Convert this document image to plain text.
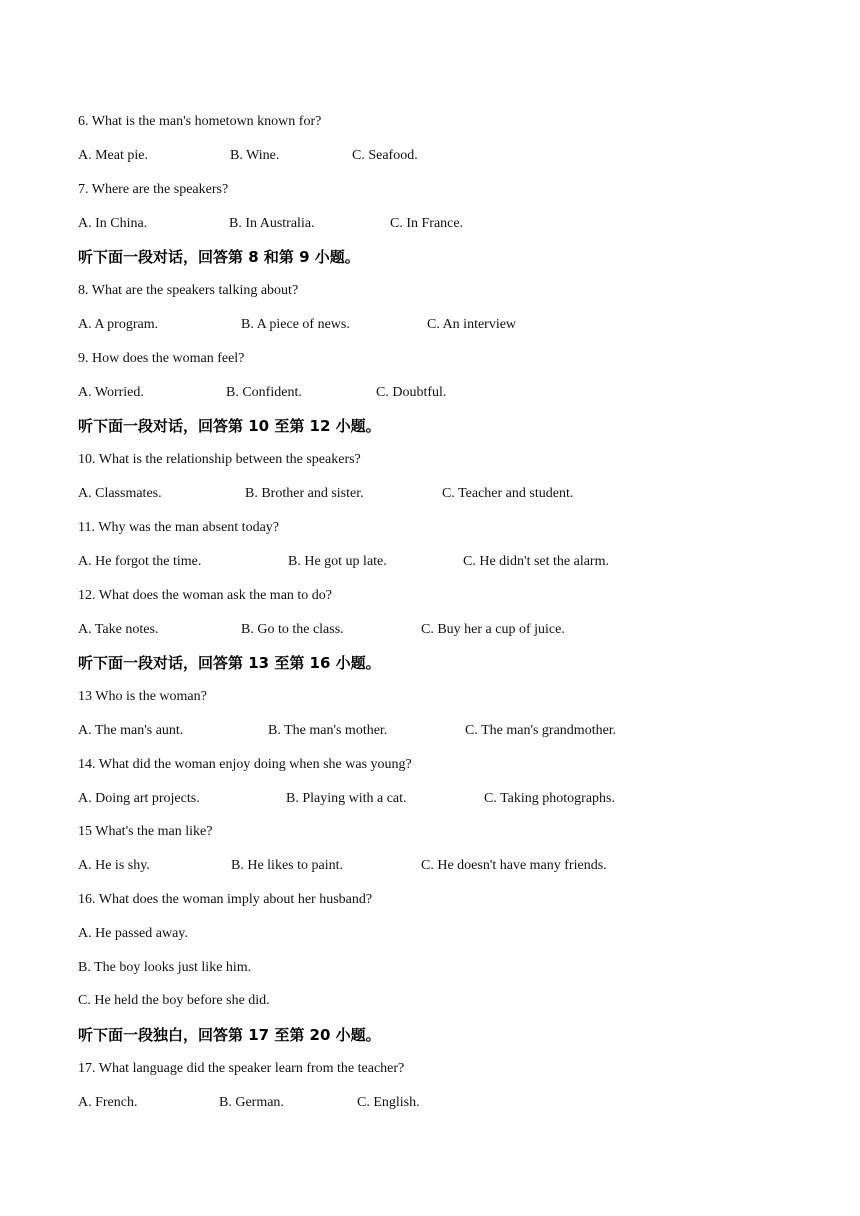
6. What is the man's hometown known for?
A. Meat pie.	B. Wine.	C. Seafood.
7. Where are the speakers?
A. In China.	B. In Australia.	C. In France.
听下面一段对话，回答第 8 和第 9 小题。
8. What are the speakers talking about?
A. A program.	B. A piece of news.	C. An interview
9. How does the woman feel?
A. Worried.	B. Confident.	C. Doubtful.
听下面一段对话，回答第 10 至第 12 小题。
10. What is the relationship between the speakers?
A. Classmates.	B. Brother and sister.	C. Teacher and student.
11. Why was the man absent today?
A. He forgot the time.	B. He got up late.	C. He didn't set the alarm.
12. What does the woman ask the man to do?
A. Take notes.	B. Go to the class.	C. Buy her a cup of juice.
听下面一段对话，回答第 13 至第 16 小题。
13 Who is the woman?
A. The man's aunt.	B. The man's mother.	C. The man's grandmother.
14. What did the woman enjoy doing when she was young?
A. Doing art projects.	B. Playing with a cat.	C. Taking photographs.
15 What's the man like?
A. He is shy.	B. He likes to paint.	C. He doesn't have many friends.
16. What does the woman imply about her husband?
A. He passed away.
B. The boy looks just like him.
C. He held the boy before she did.
听下面一段独白，回答第 17 至第 20 小题。
17. What language did the speaker learn from the teacher?
A. French.	B. German.	C. English.
